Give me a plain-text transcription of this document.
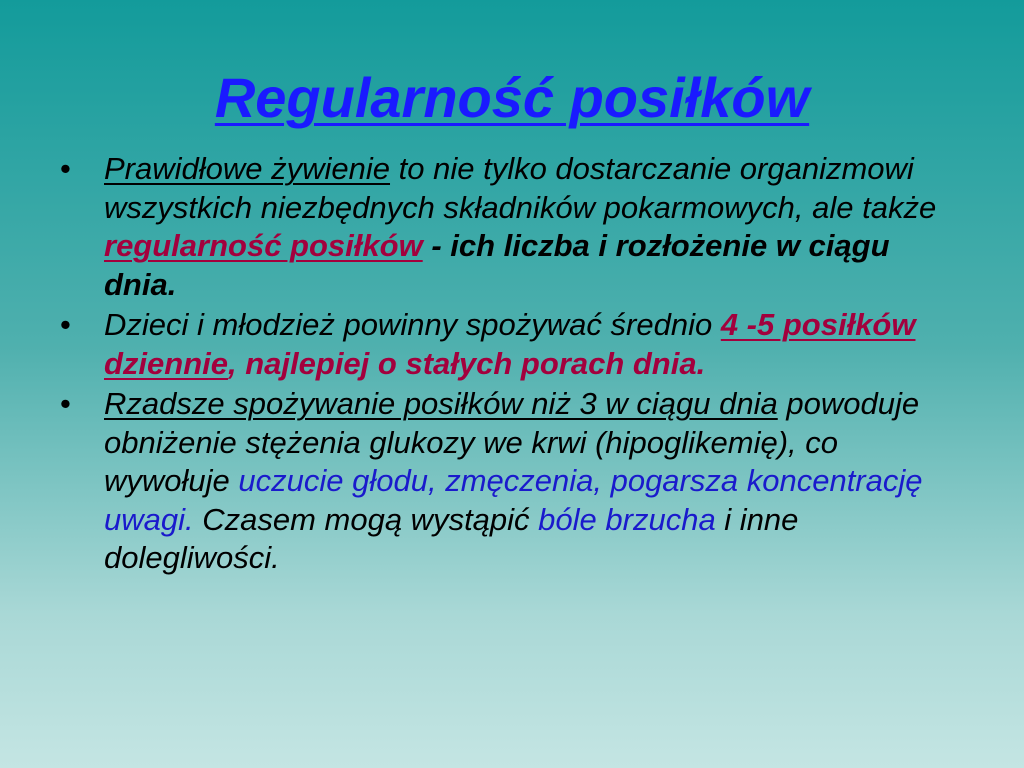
Regularność posiłków
• Prawidłowe żywienie to nie tylko dostarczanie organizmowi wszystkich niezbędnych składników pokarmowych, ale także regularność posiłków - ich liczba i rozłożenie w ciągu dnia.
• Dzieci i młodzież powinny spożywać średnio 4 -5 posiłków dziennie, najlepiej o stałych porach dnia.
• Rzadsze spożywanie posiłków niż 3 w ciągu dnia powoduje obniżenie stężenia glukozy we krwi (hipoglikemię), co wywołuje uczucie głodu, zmęczenia, pogarsza koncentrację uwagi. Czasem mogą wystąpić bóle brzucha i inne dolegliwości.
